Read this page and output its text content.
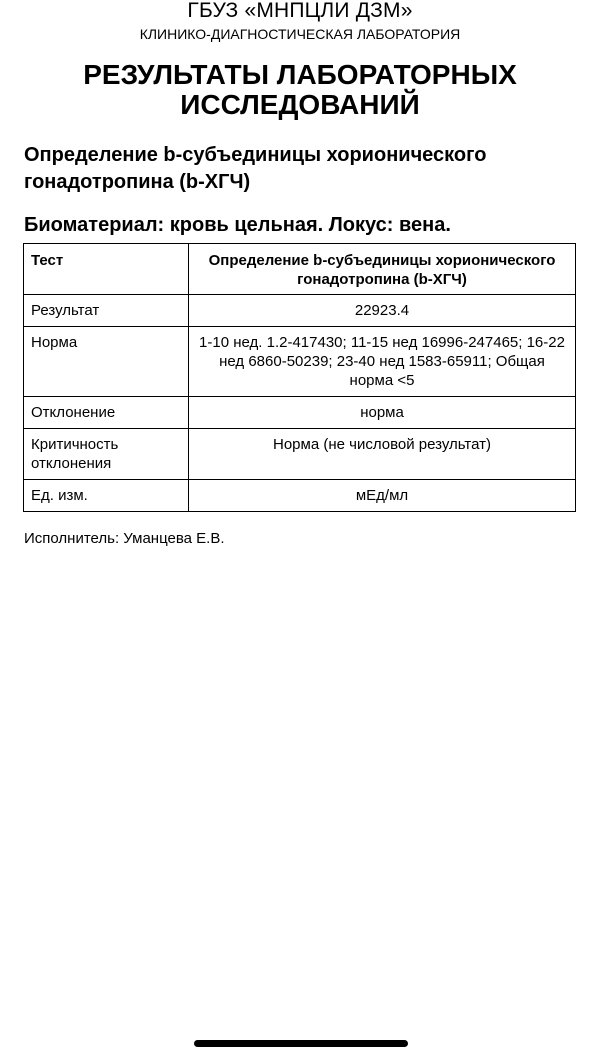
ГБУЗ «МНПЦЛИ ДЗМ»
КЛИНИКО-ДИАГНОСТИЧЕСКАЯ ЛАБОРАТОРИЯ
РЕЗУЛЬТАТЫ ЛАБОРАТОРНЫХ ИССЛЕДОВАНИЙ
Определение b-субъединицы хорионического гонадотропина (b-ХГЧ)
Биоматериал: кровь цельная. Локус: вена.
Тест	Определение b-субъединицы хорионического гонадотропина (b-ХГЧ)
Результат	22923.4
Норма	1-10 нед. 1.2-417430; 11-15 нед 16996-247465; 16-22 нед 6860-50239; 23-40 нед 1583-65911; Общая норма <5
Отклонение	норма
Критичность отклонения	Норма (не числовой результат)
Ед. изм.	мЕд/мл
Исполнитель: Уманцева Е.В.
